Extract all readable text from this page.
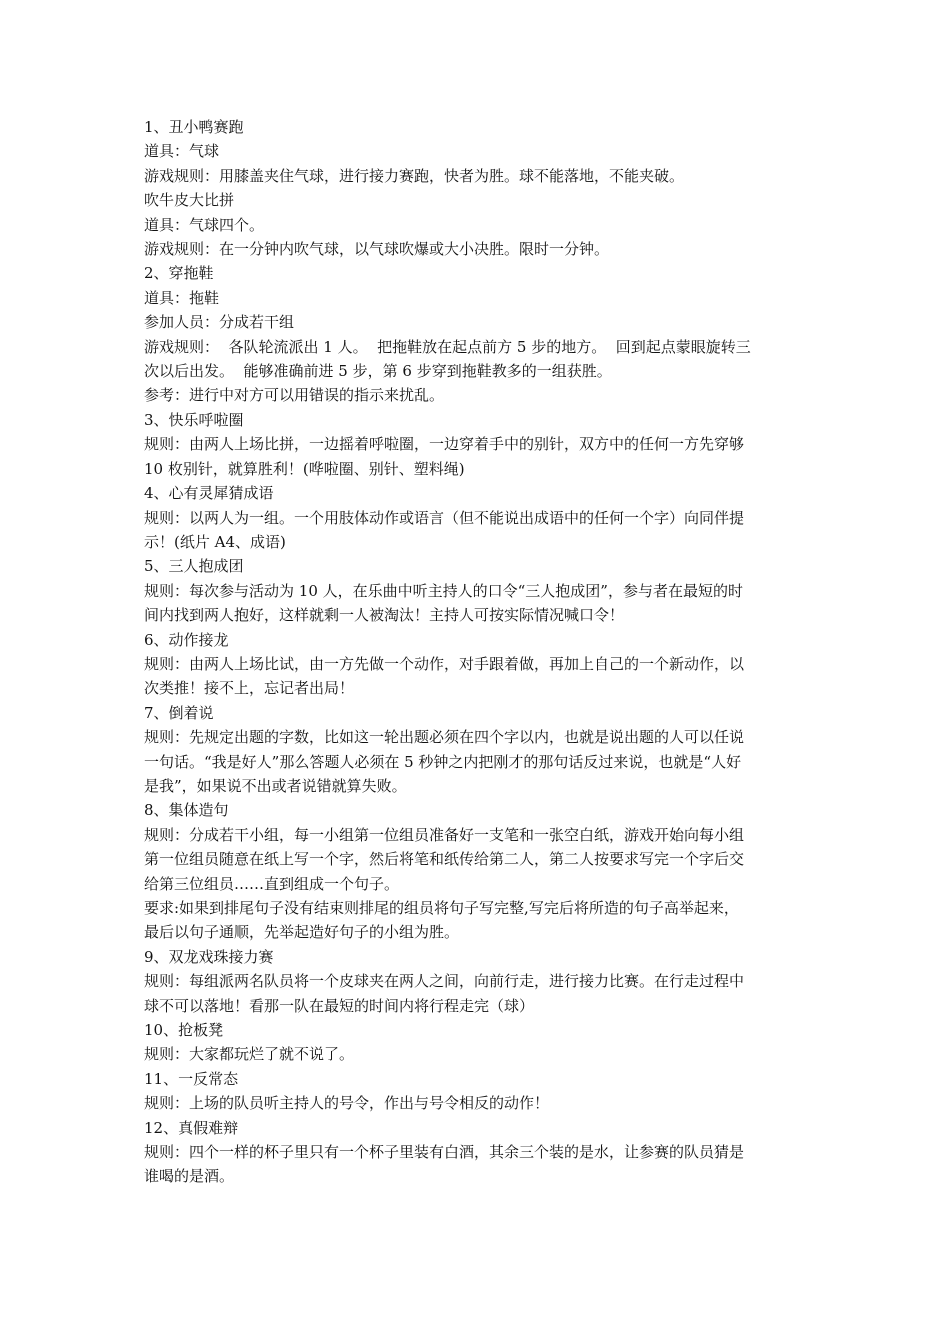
1、丑小鸭赛跑
道具：气球
游戏规则：用膝盖夹住气球，进行接力赛跑，快者为胜。球不能落地，不能夹破。
吹牛皮大比拼
道具：气球四个。
游戏规则：在一分钟内吹气球，以气球吹爆或大小决胜。限时一分钟。
2、穿拖鞋
道具：拖鞋
参加人员：分成若干组
游戏规则：  各队轮流派出 1 人。  把拖鞋放在起点前方 5 步的地方。  回到起点蒙眼旋转三
次以后出发。  能够准确前进 5 步，第 6 步穿到拖鞋教多的一组获胜。
参考：进行中对方可以用错误的指示来扰乱。
3、快乐呼啦圈
规则：由两人上场比拼，一边摇着呼啦圈，一边穿着手中的别针，双方中的任何一方先穿够
10 枚别针，就算胜利！(哗啦圈、别针、塑料绳)
4、心有灵犀猜成语
规则：以两人为一组。一个用肢体动作或语言（但不能说出成语中的任何一个字）向同伴提
示！(纸片 A4、成语)
5、三人抱成团
规则：每次参与活动为 10 人，在乐曲中听主持人的口令“三人抱成团”，参与者在最短的时
间内找到两人抱好，这样就剩一人被淘汰！主持人可按实际情况喊口令！
6、动作接龙
规则：由两人上场比试，由一方先做一个动作，对手跟着做，再加上自己的一个新动作，以
次类推！接不上，忘记者出局！
7、倒着说
规则：先规定出题的字数，比如这一轮出题必须在四个字以内，也就是说出题的人可以任说
一句话。“我是好人”那么答题人必须在 5 秒钟之内把刚才的那句话反过来说，也就是“人好
是我”，如果说不出或者说错就算失败。
8、集体造句
规则：分成若干小组，每一小组第一位组员准备好一支笔和一张空白纸，游戏开始向每小组
第一位组员随意在纸上写一个字，然后将笔和纸传给第二人，第二人按要求写完一个字后交
给第三位组员……直到组成一个句子。
要求:如果到排尾句子没有结束则排尾的组员将句子写完整,写完后将所造的句子高举起来，
最后以句子通顺，先举起造好句子的小组为胜。
9、双龙戏珠接力赛
规则：每组派两名队员将一个皮球夹在两人之间，向前行走，进行接力比赛。在行走过程中
球不可以落地！看那一队在最短的时间内将行程走完（球）
10、抢板凳
规则：大家都玩烂了就不说了。
11、一反常态
规则：上场的队员听主持人的号令，作出与号令相反的动作！
12、真假难辩
规则：四个一样的杯子里只有一个杯子里装有白酒，其余三个装的是水，让参赛的队员猜是
谁喝的是酒。
